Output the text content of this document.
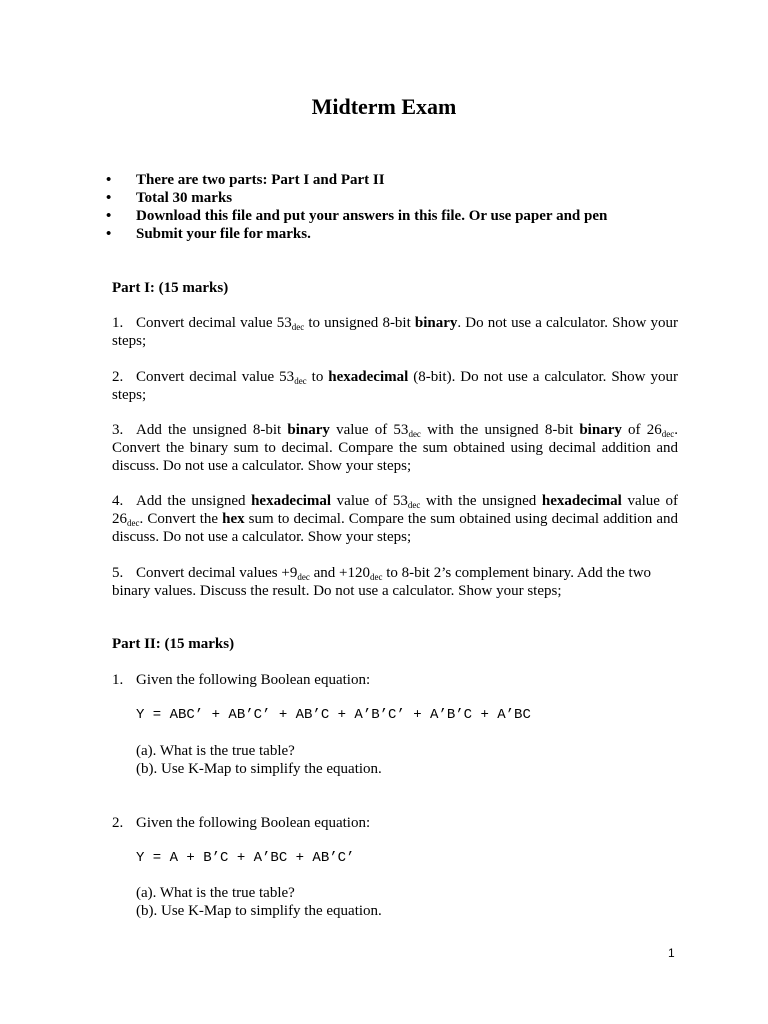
Midterm Exam
• There are two parts: Part I and Part II
• Total 30 marks
• Download this file and put your answers in this file. Or use paper and pen
• Submit your file for marks.
Part I: (15 marks)
1. Convert decimal value $53_{dec}$ to unsigned 8-bit binary. Do not use a calculator. Show your steps;
2. Convert decimal value $53_{dec}$ to hexadecimal (8-bit). Do not use a calculator. Show your steps;
3. Add the unsigned 8-bit binary value of $53_{dec}$ with the unsigned 8-bit binary of $26_{dec}$. Convert the binary sum to decimal. Compare the sum obtained using decimal addition and discuss. Do not use a calculator. Show your steps;
4. Add the unsigned hexadecimal value of $53_{dec}$ with the unsigned hexadecimal value of $26_{dec}$. Convert the hex sum to decimal. Compare the sum obtained using decimal addition and discuss. Do not use a calculator. Show your steps;
5. Convert decimal values $+9_{dec}$ and $+120_{dec}$ to 8-bit 2’s complement binary. Add the two binary values. Discuss the result. Do not use a calculator. Show your steps;
Part II: (15 marks)
1. Given the following Boolean equation:
Y = ABC’ + AB’C’ + AB’C + A’B’C’ + A’B’C + A’BC
(a). What is the true table?
(b). Use K-Map to simplify the equation.
2. Given the following Boolean equation:
Y = A + B’C + A’BC + AB’C’
(a). What is the true table?
(b). Use K-Map to simplify the equation.
1
